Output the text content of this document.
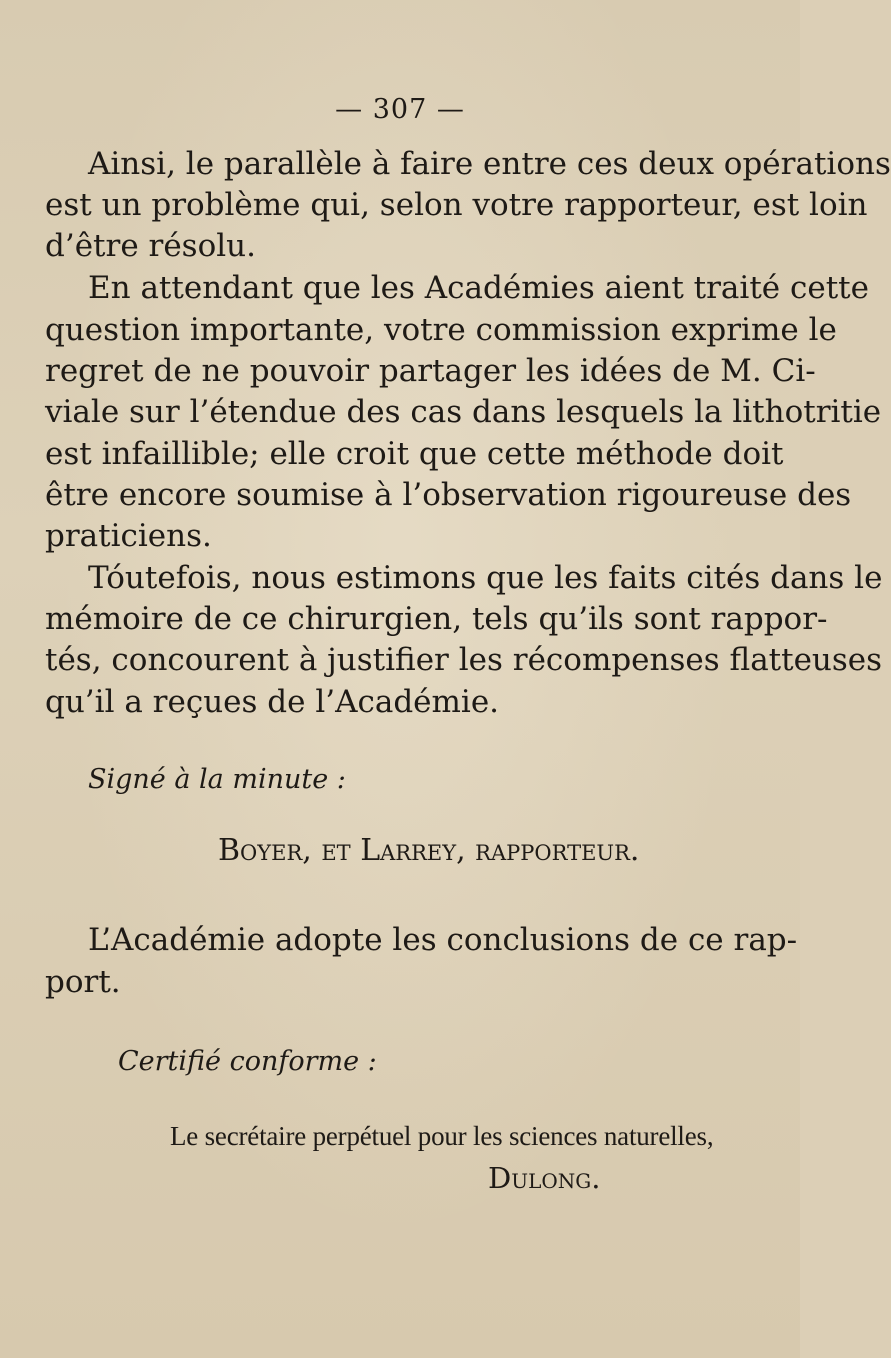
— 307 —
Ainsi, le parallèle à faire entre ces deux opérations
est un problème qui, selon votre rapporteur, est loin
d’être résolu.
En attendant que les Académies aient traité cette
question importante, votre commission exprime le
regret de ne pouvoir partager les idées de M. Ci-
viale sur l’étendue des cas dans lesquels la lithotritie
est infaillible; elle croit que cette méthode doit
être encore soumise à l’observation rigoureuse des
praticiens.
Tóutefois, nous estimons que les faits cités dans le
mémoire de ce chirurgien, tels qu’ils sont rappor-
tés, concourent à justifier les récompenses flatteuses
qu’il a reçues de l’Académie.
Signé à la minute :
Boyer, et Larrey, rapporteur.
L’Académie adopte les conclusions de ce rap-
port.
Certifié conforme :
Le secrétaire perpétuel pour les sciences naturelles,
Dulong.
